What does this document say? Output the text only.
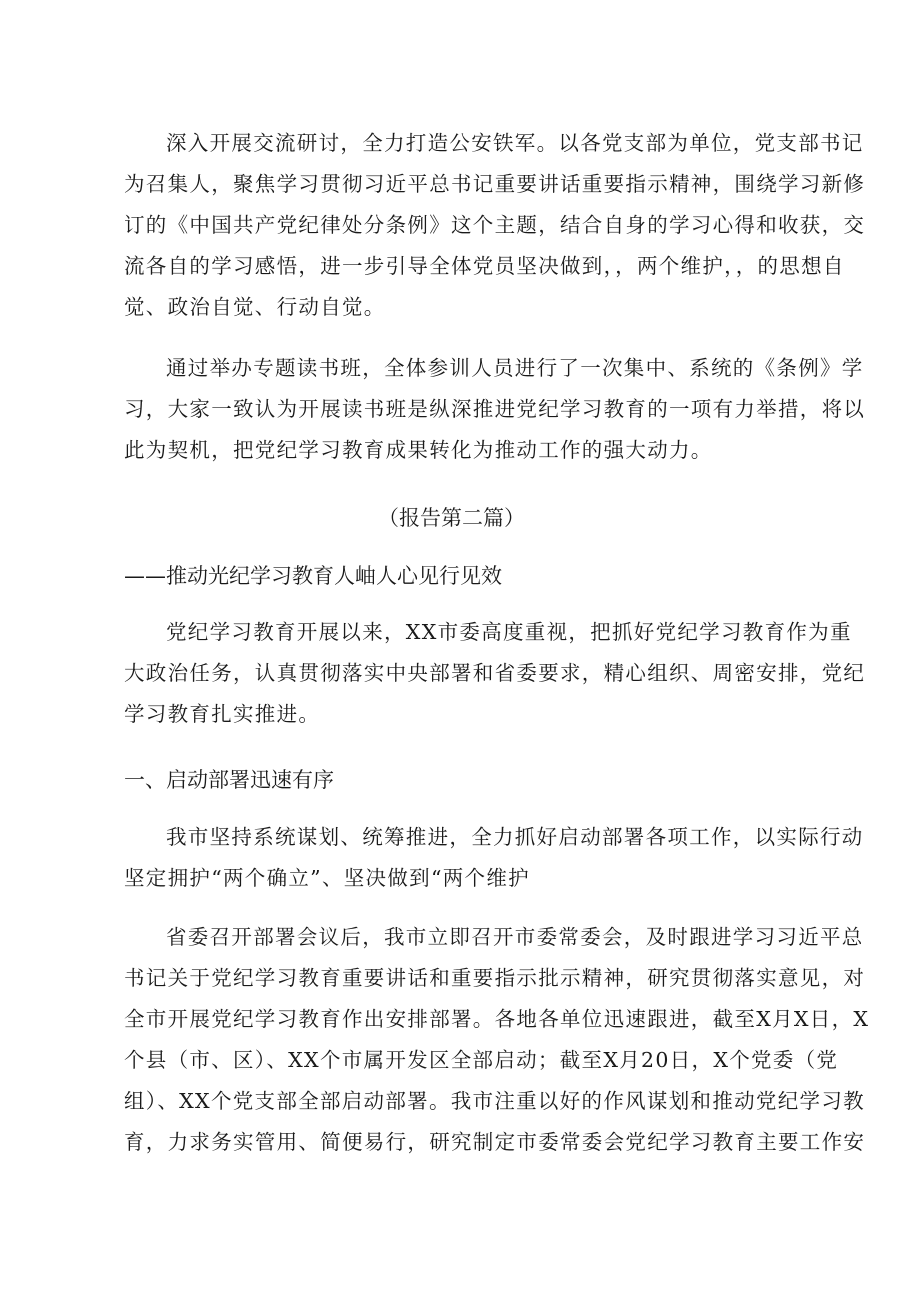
深入开展交流研讨，全力打造公安铁军。以各党支部为单位，党支部书记
为召集人，聚焦学习贯彻习近平总书记重要讲话重要指示精神，围绕学习新修
订的《中国共产党纪律处分条例》这个主题，结合自身的学习心得和收获，交
流各自的学习感悟，进一步引导全体党员坚决做到，，两个维护，，的思想自
觉、政治自觉、行动自觉。
通过举办专题读书班，全体参训人员进行了一次集中、系统的《条例》学
习，大家一致认为开展读书班是纵深推进党纪学习教育的一项有力举措，将以
此为契机，把党纪学习教育成果转化为推动工作的强大动力。
（报告第二篇）
——推动光纪学习教育人岫人心见行见效
党纪学习教育开展以来，XX市委高度重视，把抓好党纪学习教育作为重
大政治任务，认真贯彻落实中央部署和省委要求，精心组织、周密安排，党纪
学习教育扎实推进。
一、启动部署迅速有序
我市坚持系统谋划、统筹推进，全力抓好启动部署各项工作，以实际行动
坚定拥护“两个确立”、坚决做到“两个维护
省委召开部署会议后，我市立即召开市委常委会，及时跟进学习习近平总
书记关于党纪学习教育重要讲话和重要指示批示精神，研究贯彻落实意见，对
全市开展党纪学习教育作出安排部署。各地各单位迅速跟进，截至X月X日，X
个县（市、区）、XX个市属开发区全部启动；截至X月20日，X个党委（党
组）、XX个党支部全部启动部署。我市注重以好的作风谋划和推动党纪学习教
育，力求务实管用、简便易行，研究制定市委常委会党纪学习教育主要工作安
